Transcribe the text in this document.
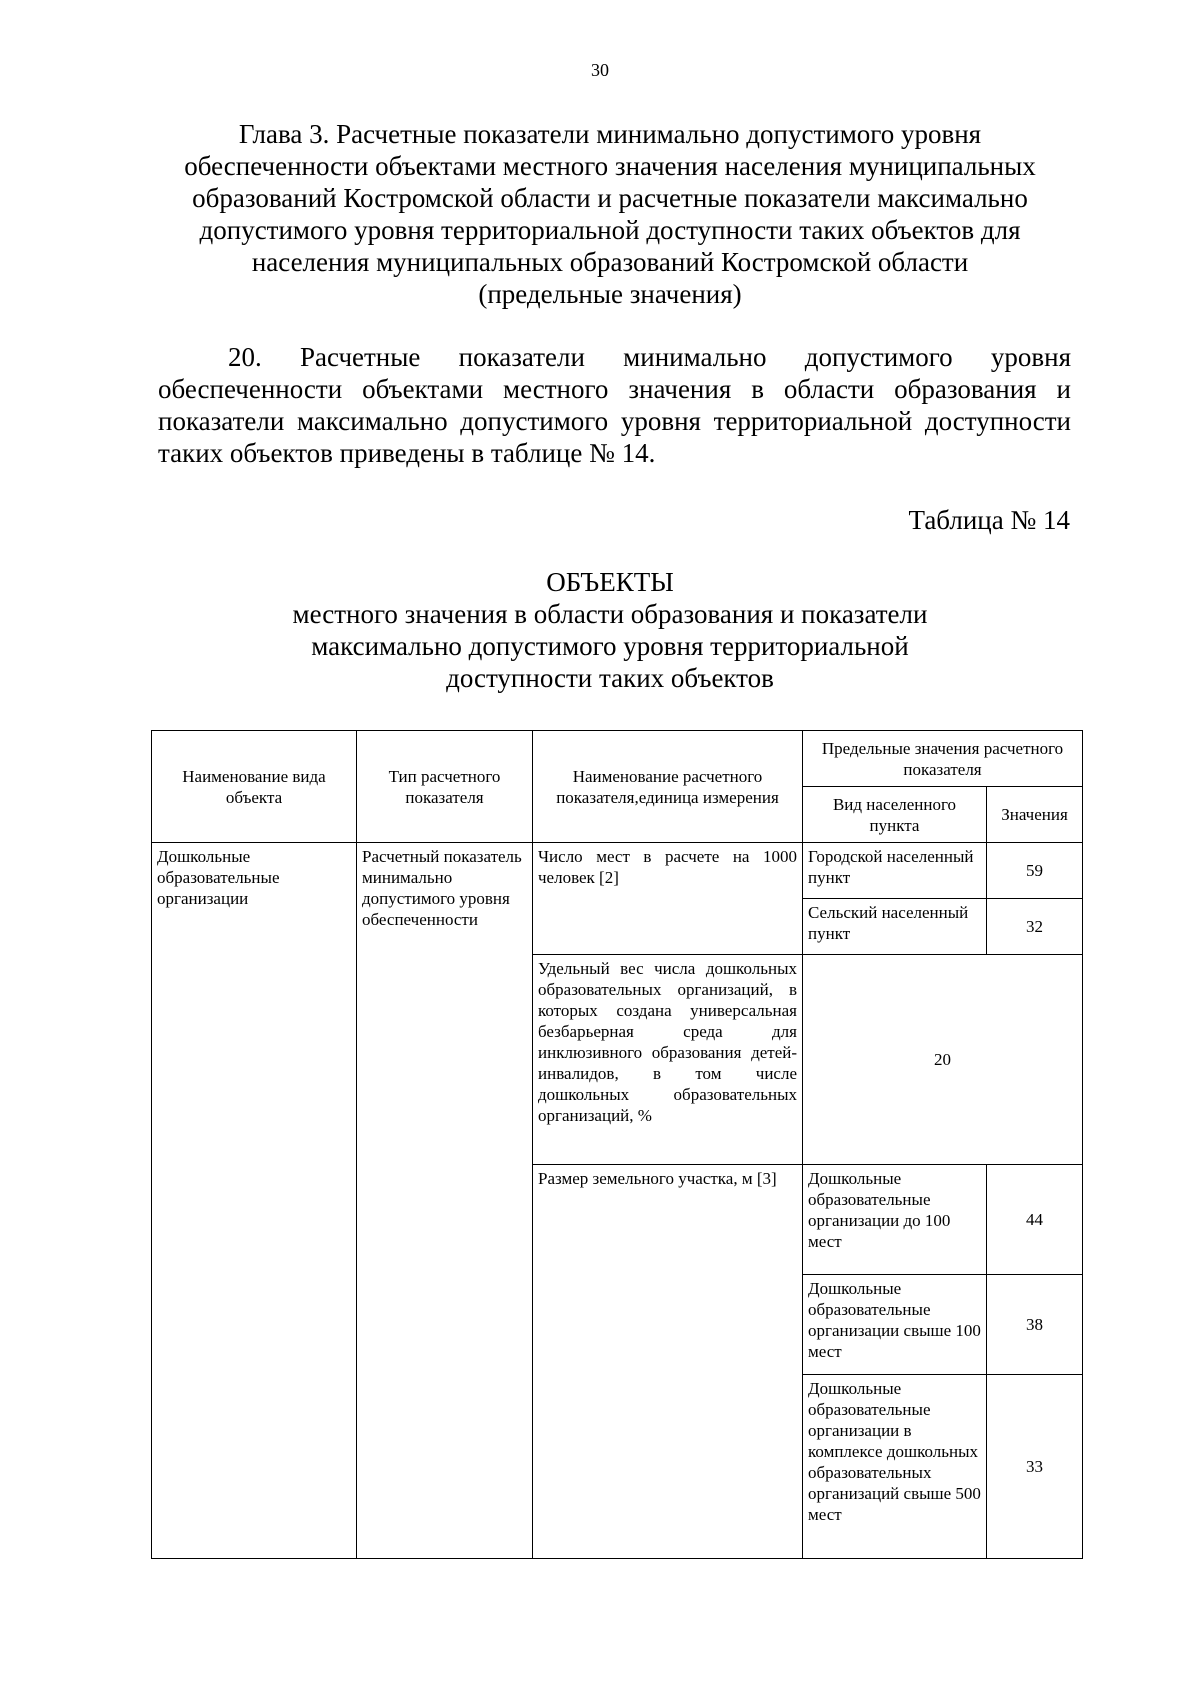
30
Глава 3. Расчетные показатели минимально допустимого уровня
обеспеченности объектами местного значения населения муниципальных
образований Костромской области и расчетные показатели максимально
допустимого уровня территориальной доступности таких объектов для
населения муниципальных образований Костромской области
(предельные значения)

20. Расчетные показатели минимально допустимого уровня обеспеченности объектами местного значения в области образования и показатели максимально допустимого уровня территориальной доступности таких объектов приведены в таблице № 14.

Таблица № 14
ОБЪЕКТЫ
местного значения в области образования и показатели
максимально допустимого уровня территориальной
доступности таких объектов
Наименование вида объекта	Тип расчетного показателя	Наименование расчетного показателя,единица измерения	Предельные значения расчетного показателя	
			Вид населенного пункта	Значения
Дошкольные образовательные организации	Расчетный показатель минимально допустимого уровня обеспеченности	Число мест в расчете на 1000 человек [2]	Городской населенный пункт	59
			Сельский населенный пункт	32
		Удельный вес числа дошкольных образовательных организаций, в которых создана универсальная безбарьерная среда для инклюзивного образования детей-инвалидов, в том числе дошкольных образовательных организаций, %	20	
		Размер земельного участка, м [3]	Дошкольные образовательные организации до 100 мест	44
			Дошкольные образовательные организации свыше 100 мест	38
			Дошкольные образовательные организации в комплексе дошкольных образовательных организаций свыше 500 мест	33
